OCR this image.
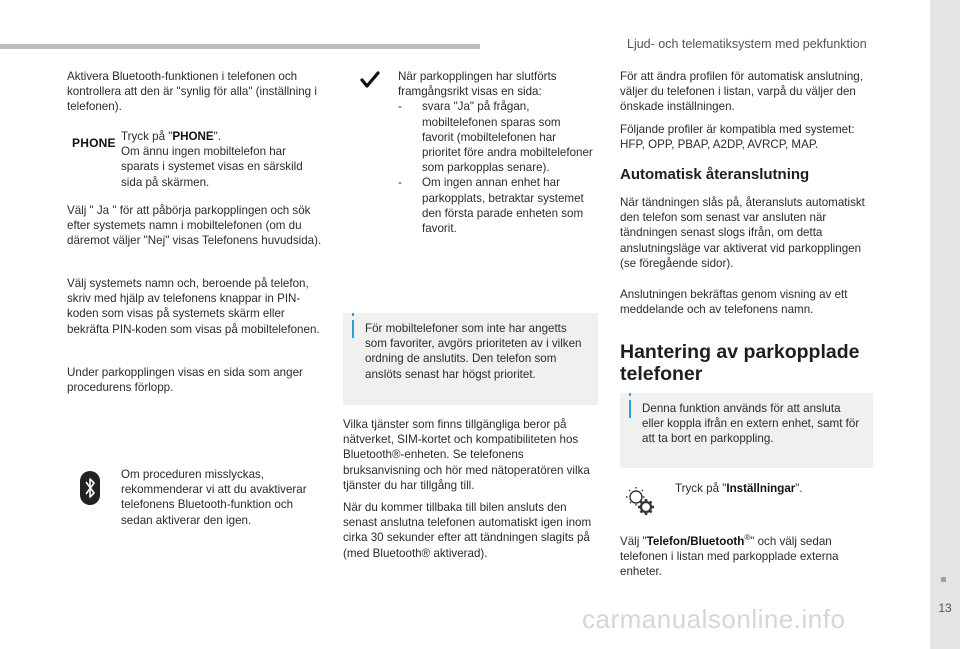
Ljud- och telematiksystem med pekfunktion
13

Aktivera Bluetooth-funktionen i telefonen och kontrollera att den är "synlig för alla" (inställning i telefonen).

PHONE Tryck på "PHONE".

Om ännu ingen mobiltelefon har sparats i systemet visas en särskild sida på skärmen.

Välj " Ja " för att påbörja parkopplingen och sök efter systemets namn i mobiltelefonen (om du däremot väljer "Nej" visas Telefonens huvudsida).

Välj systemets namn och, beroende på telefon, skriv med hjälp av telefonens knappar in PIN-koden som visas på systemets skärm eller bekräfta PIN-koden som visas på mobiltelefonen.

Under parkopplingen visas en sida som anger procedurens förlopp.

Om proceduren misslyckas, rekommenderar vi att du avaktiverar telefonens Bluetooth-funktion och sedan aktiverar den igen.

När parkopplingen har slutförts framgångsrikt visas en sida:

- svara "Ja" på frågan, mobiltelefonen sparas som favorit (mobiltelefonen har prioritet före andra mobiltelefoner som parkopplas senare).
- Om ingen annan enhet har parkopplats, betraktar systemet den första parade enheten som favorit.
För mobiltelefoner som inte har angetts som favoriter, avgörs prioriteten av i vilken ordning de anslutits. Den telefon som anslöts senast har högst prioritet.

Vilka tjänster som finns tillgängliga beror på nätverket, SIM-kortet och kompatibiliteten hos Bluetooth®-enheten. Se telefonens bruksanvisning och hör med nätoperatören vilka tjänster du har tillgång till.

När du kommer tillbaka till bilen ansluts den senast anslutna telefonen automatiskt igen inom cirka 30 sekunder efter att tändningen slagits på (med Bluetooth® aktiverad).

För att ändra profilen för automatisk anslutning, väljer du telefonen i listan, varpå du väljer den önskade inställningen.

Följande profiler är kompatibla med systemet: HFP, OPP, PBAP, A2DP, AVRCP, MAP.

Automatisk återanslutning

När tändningen slås på, återansluts automatiskt den telefon som senast var ansluten när tändningen senast slogs ifrån, om detta anslutningsläge var aktiverat vid parkopplingen (se föregående sidor).

Anslutningen bekräftas genom visning av ett meddelande och av telefonens namn.

Hantering av parkopplade telefoner
Denna funktion används för att ansluta eller koppla ifrån en extern enhet, samt för att ta bort en parkoppling.

Tryck på "Inställningar".

Välj "Telefon/Bluetooth®" och välj sedan telefonen i listan med parkopplade externa enheter.

carmanualsonline.info
